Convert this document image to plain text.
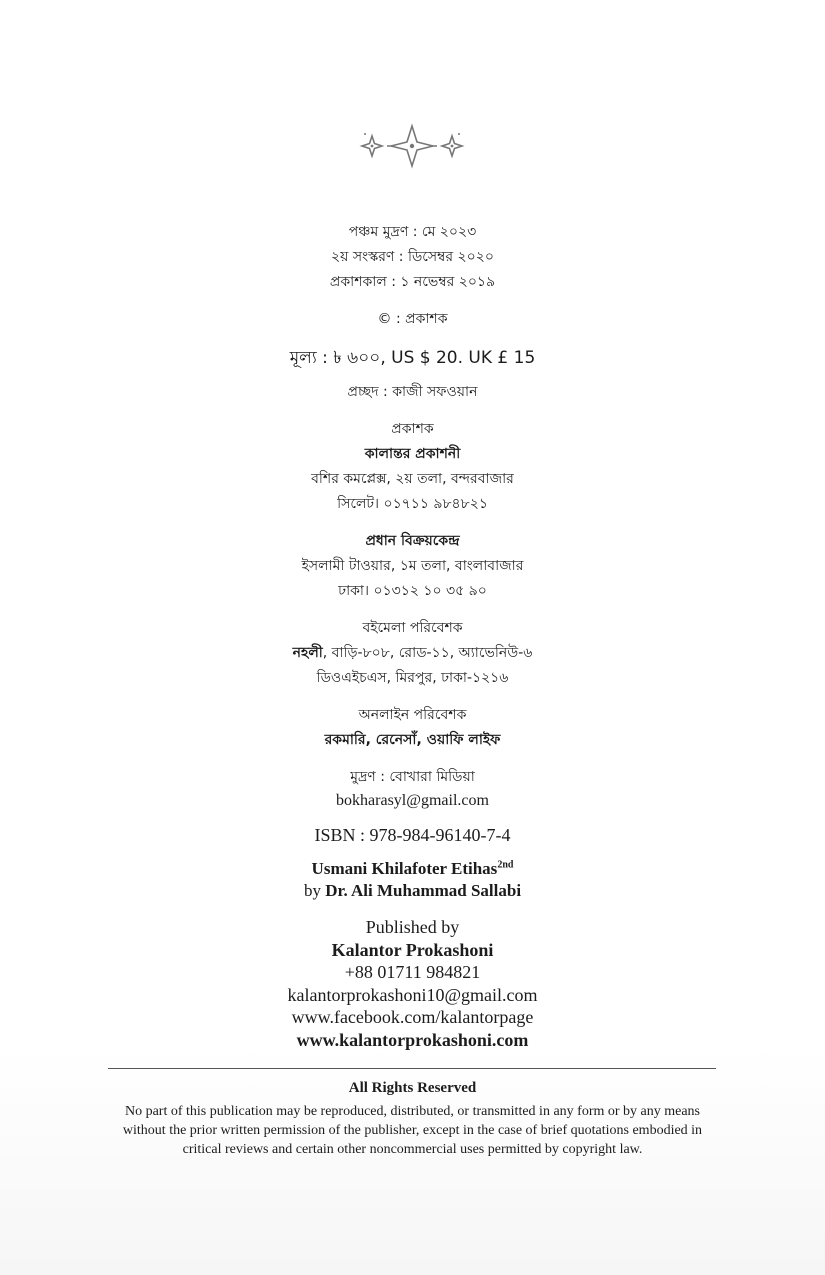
পঞ্চম মুদ্রণ : মে ২০২৩
২য় সংস্করণ : ডিসেম্বর ২০২০
প্রকাশকাল : ১ নভেম্বর ২০১৯
© : প্রকাশক
মূল্য : ৳ ৬০০, US $ 20. UK £ 15
প্রচ্ছদ : কাজী সফওয়ান
প্রকাশক
কালান্তর প্রকাশনী
বশির কমপ্লেক্স, ২য় তলা, বন্দরবাজার
সিলেট। ০১৭১১ ৯৮৪৮২১
প্রধান বিক্রয়কেন্দ্র
ইসলামী টাওয়ার, ১ম তলা, বাংলাবাজার
ঢাকা। ০১৩১২ ১০ ৩৫ ৯০
বইমেলা পরিবেশক
নহলী, বাড়ি-৮০৮, রোড-১১, অ্যাভেনিউ-৬
ডিওএইচএস, মিরপুর, ঢাকা-১২১৬
অনলাইন পরিবেশক
রকমারি, রেনেসাঁ, ওয়াফি লাইফ
মুদ্রণ : বোখারা মিডিয়া
bokharasyl@gmail.com
ISBN : 978-984-96140-7-4
Usmani Khilafoter Etihas$^{2nd}$
by Dr. Ali Muhammad Sallabi
Published by
Kalantor Prokashoni
+88 01711 984821
kalantorprokashoni10@gmail.com
www.facebook.com/kalantorpage
www.kalantorprokashoni.com
All Rights Reserved
No part of this publication may be reproduced, distributed, or transmitted in any form or by any means without the prior written permission of the publisher, except in the case of brief quotations embodied in critical reviews and certain other noncommercial uses permitted by copyright law.
